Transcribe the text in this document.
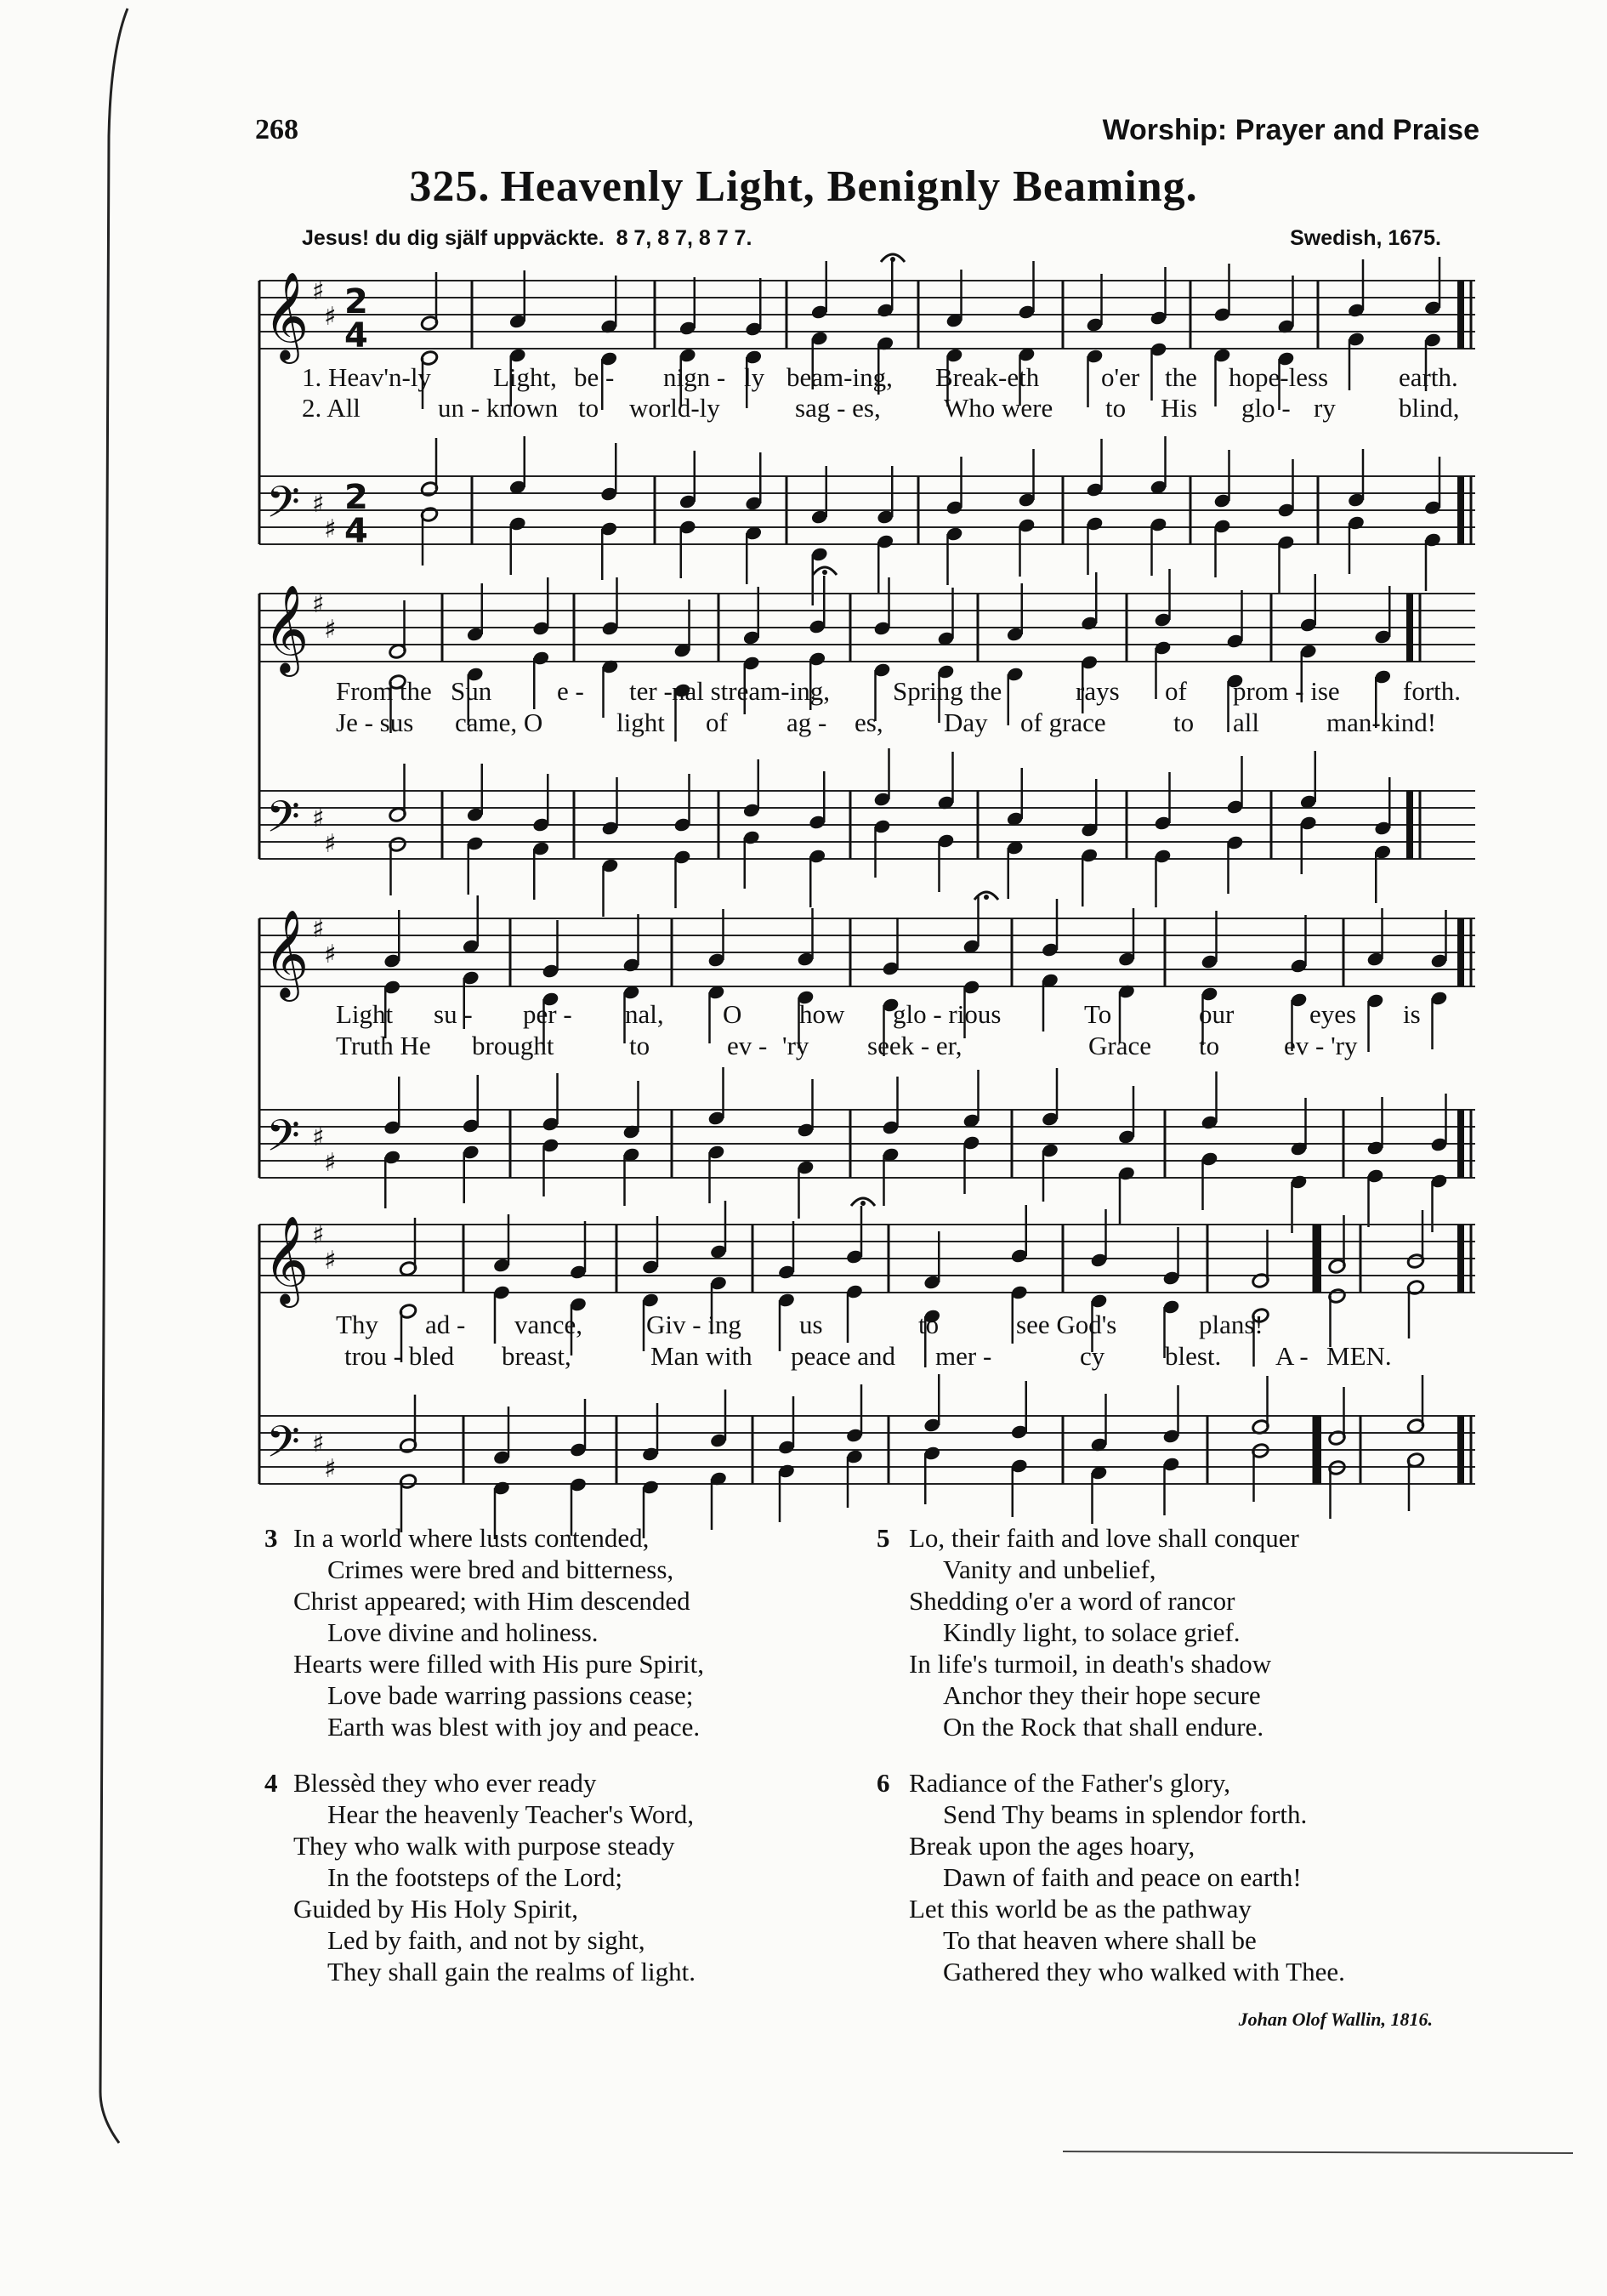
268	Worship: Prayer and Praise
325. Heavenly Light, Benignly Beaming.
Jesus! du dig själf uppväckte. 8 7, 8 7, 8 7 7.	Swedish, 1675.
𝄞
𝄢
♯
♯
♯
♯
2
4
2
4
𝄞
𝄢
♯
♯
♯
♯
𝄞
𝄢
♯
♯
♯
♯
𝄞
𝄢
♯
♯
♯
♯

1. Heav'n-ly Light, be - nign - ly beam-ing, Break-eth o'er the hope-less	earth.
2. All	un - known to world-ly	sag - es, Who were to His glo - ry blind,
From the Sun e - ter - nal stream-ing, Spring the	rays of prom - ise forth.
Je - sus came, O	light of ag - es, Day of grace	to all	man-kind!
Light su - per - nal, O how glo - rious	To	our	eyes is
Truth He brought	to	ev - 'ry seek - er,	Grace to ev - 'ry
Thy ad - vance, Giv - ing us	to	see God's	plans!
trou - bled breast,	Man with peace and mer -	cy blest. A - MEN.
3 In a world where lusts contended,
Crimes were bred and bitterness,
Christ appeared; with Him descended
Love divine and holiness.
Hearts were filled with His pure Spirit,
Love bade warring passions cease;
Earth was blest with joy and peace.
4 Blessèd they who ever ready
Hear the heavenly Teacher's Word,
They who walk with purpose steady
In the footsteps of the Lord;
Guided by His Holy Spirit,
Led by faith, and not by sight,
They shall gain the realms of light.
5 Lo, their faith and love shall conquer
Vanity and unbelief,
Shedding o'er a word of rancor
Kindly light, to solace grief.
In life's turmoil, in death's shadow
Anchor they their hope secure
On the Rock that shall endure.
6 Radiance of the Father's glory,
Send Thy beams in splendor forth.
Break upon the ages hoary,
Dawn of faith and peace on earth!
Let this world be as the pathway
To that heaven where shall be
Gathered they who walked with Thee.
Johan Olof Wallin, 1816.
